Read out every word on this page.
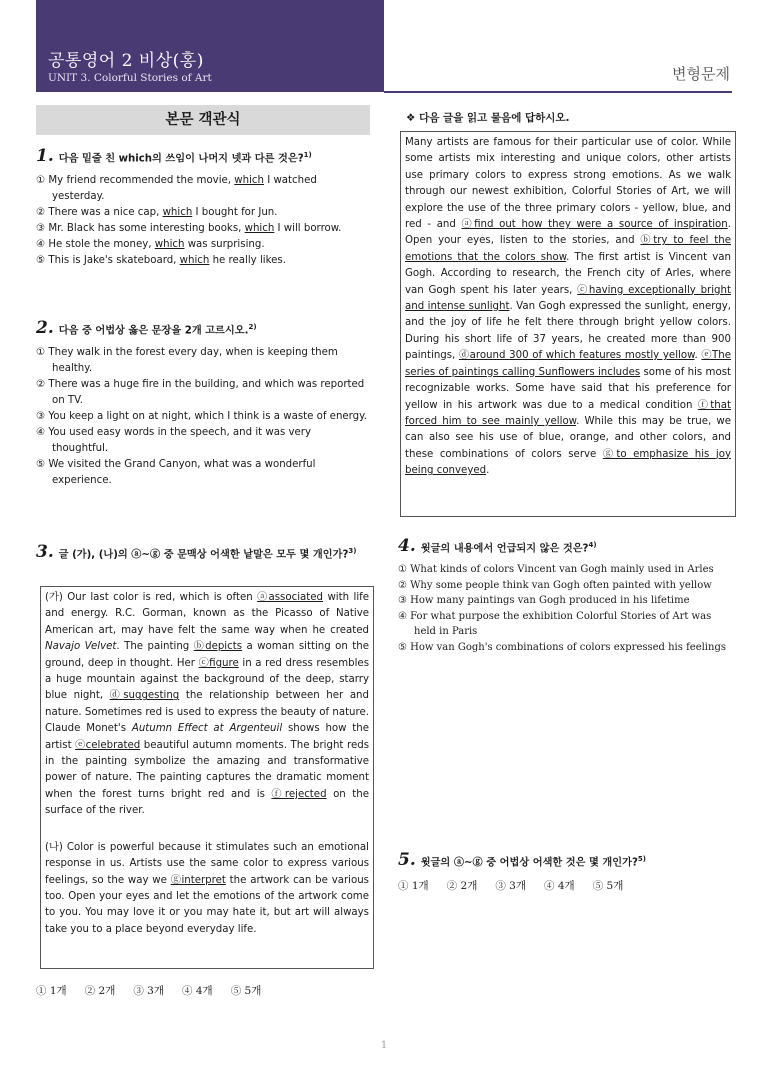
공통영어 2 비상(홍)
UNIT 3. Colorful Stories of Art	변형문제
본문 객관식
1. 다음 밑줄 친 which의 쓰임이 나머지 넷과 다른 것은?$^{1)}$
① My friend recommended the movie, which I watched yesterday.
② There was a nice cap, which I bought for Jun.
③ Mr. Black has some interesting books, which I will borrow.
④ He stole the money, which was surprising.
⑤ This is Jake's skateboard, which he really likes.
2. 다음 중 어법상 옳은 문장을 2개 고르시오.$^{2)}$
① They walk in the forest every day, when is keeping them healthy.
② There was a huge fire in the building, and which was reported on TV.
③ You keep a light on at night, which I think is a waste of energy.
④ You used easy words in the speech, and it was very thoughtful.
⑤ We visited the Grand Canyon, what was a wonderful experience.
3. 글 (가), (나)의 ⓐ~ⓖ 중 문맥상 어색한 낱말은 모두 몇 개인가?$^{3)}$
(가) Our last color is red, which is often ⓐassociated with life and energy. R.C. Gorman, known as the Picasso of Native American art, may have felt the same way when he created Navajo Velvet. The painting ⓑdepicts a woman sitting on the ground, deep in thought. Her ⓒfigure in a red dress resembles a huge mountain against the background of the deep, starry blue night, ⓓsuggesting the relationship between her and nature. Sometimes red is used to express the beauty of nature. Claude Monet's Autumn Effect at Argenteuil shows how the artist ⓔcelebrated beautiful autumn moments. The bright reds in the painting symbolize the amazing and transformative power of nature. The painting captures the dramatic moment when the forest turns bright red and is ⓕrejected on the surface of the river.
(나) Color is powerful because it stimulates such an emotional response in us. Artists use the same color to express various feelings, so the way we ⓖinterpret the artwork can be various too. Open your eyes and let the emotions of the artwork come to you. You may love it or you may hate it, but art will always take you to a place beyond everyday life.
① 1개 ② 2개 ③ 3개 ④ 4개 ⑤ 5개
❖ 다음 글을 읽고 물음에 답하시오.
Many artists are famous for their particular use of color. While some artists mix interesting and unique colors, other artists use primary colors to express strong emotions. As we walk through our newest exhibition, Colorful Stories of Art, we will explore the use of the three primary colors - yellow, blue, and red - and ⓐfind out how they were a source of inspiration. Open your eyes, listen to the stories, and ⓑtry to feel the emotions that the colors show. The first artist is Vincent van Gogh. According to research, the French city of Arles, where van Gogh spent his later years, ⓒhaving exceptionally bright and intense sunlight. Van Gogh expressed the sunlight, energy, and the joy of life he felt there through bright yellow colors. During his short life of 37 years, he created more than 900 paintings, ⓓaround 300 of which features mostly yellow. ⓔThe series of paintings calling Sunflowers includes some of his most recognizable works. Some have said that his preference for yellow in his artwork was due to a medical condition ⓕthat forced him to see mainly yellow. While this may be true, we can also see his use of blue, orange, and other colors, and these combinations of colors serve ⓖto emphasize his joy being conveyed.
4. 윗글의 내용에서 언급되지 않은 것은?$^{4)}$
① What kinds of colors Vincent van Gogh mainly used in Arles
② Why some people think van Gogh often painted with yellow
③ How many paintings van Gogh produced in his lifetime
④ For what purpose the exhibition Colorful Stories of Art was held in Paris
⑤ How van Gogh's combinations of colors expressed his feelings
5. 윗글의 ⓐ~ⓖ 중 어법상 어색한 것은 몇 개인가?$^{5)}$
① 1개 ② 2개 ③ 3개 ④ 4개 ⑤ 5개
1
